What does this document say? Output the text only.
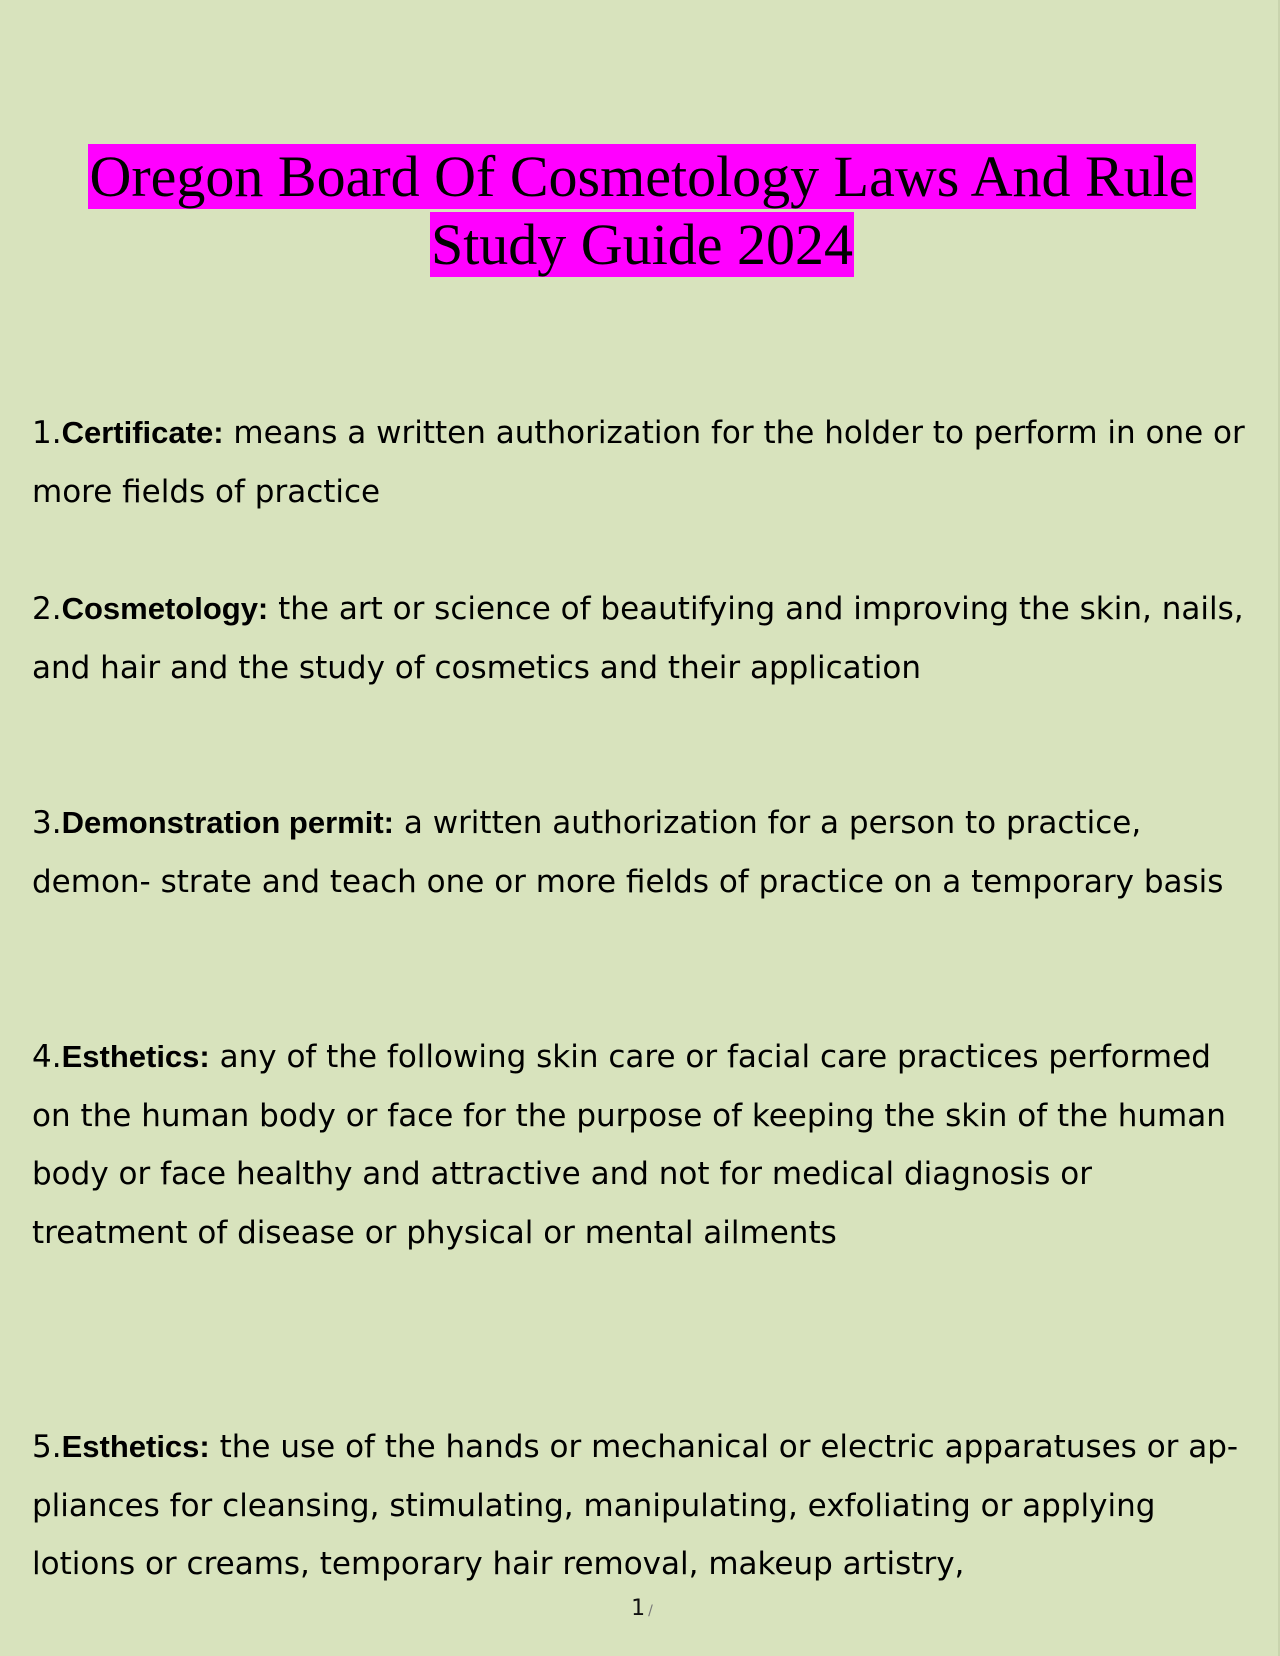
Oregon Board Of Cosmetology Laws And Rule
Study Guide 2024

1.Certificate: means a written authorization for the holder to perform in one or more fields of practice

2.Cosmetology: the art or science of beautifying and improving the skin, nails, and hair and the study of cosmetics and their application

3.Demonstration permit: a written authorization for a person to practice, demon- strate and teach one or more fields of practice on a temporary basis

4.Esthetics: any of the following skin care or facial care practices performed on the human body or face for the purpose of keeping the skin of the human body or face healthy and attractive and not for medical diagnosis or treatment of disease or physical or mental ailments

5.Esthetics: the use of the hands or mechanical or electric apparatuses or ap- pliances for cleansing, stimulating, manipulating, exfoliating or applying lotions or creams, temporary hair removal, makeup artistry,

1 /
